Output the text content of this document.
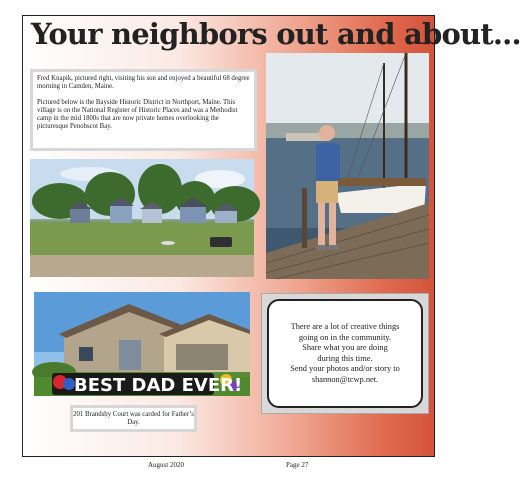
Your neighbors out and about...

Fred Knapik, pictured right, visiting his son and enjoyed a beautiful 68 degree morning in Camden, Maine.

Pictured below is the Bayside Historic District in Northport, Maine. This village is on the National Register of Historic Places and was a Methodist camp in the mid 1800s that are now private homes overlooking the picturesque Penobscot Bay.

BEST DAD EVER!
201 Brandsby Court was carded for Father’s Day.
There are a lot of creative things
going on in the community.
Share what you are doing
during this time.
Send your photos and/or story to
shannon@tcwp.net.
August 2020	Page 27
